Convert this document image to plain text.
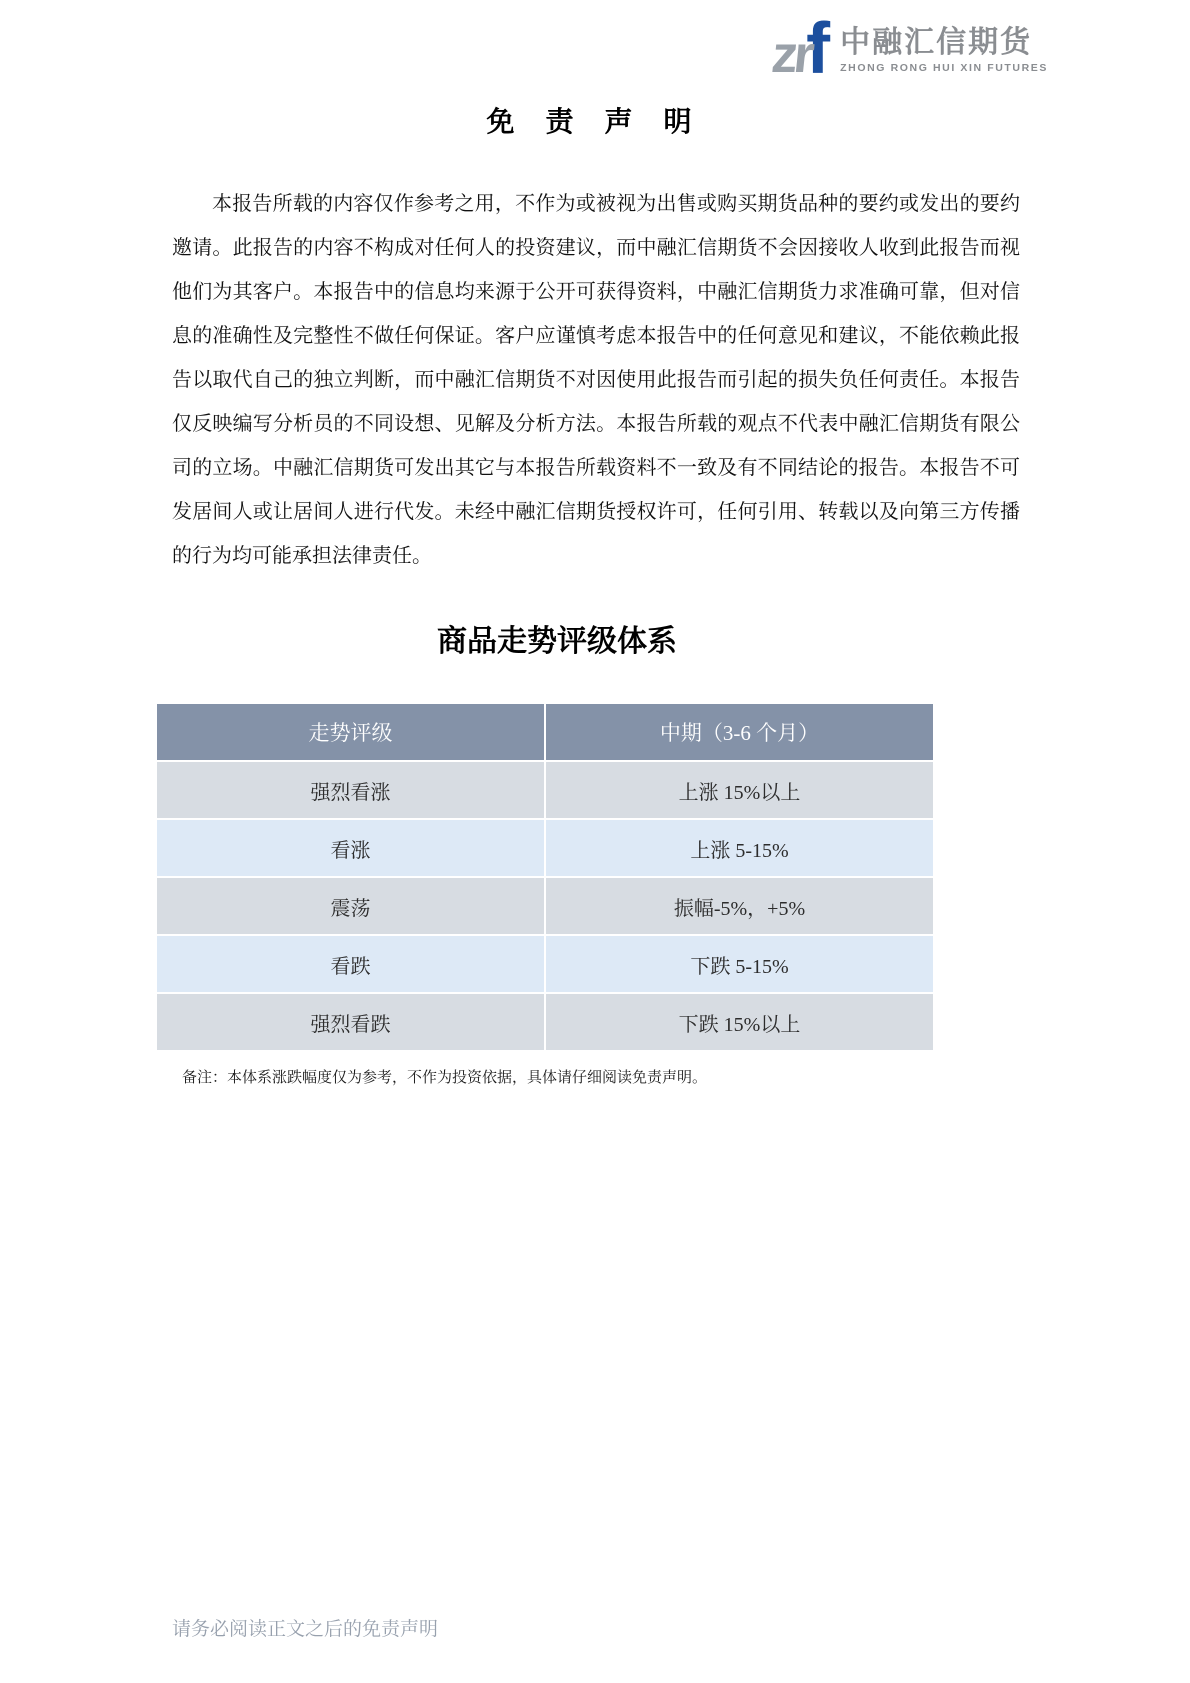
zr
f 中融汇信期货
ZHONG RONG HUI XIN FUTURES
免 责 声 明

本报告所载的内容仅作参考之用，不作为或被视为出售或购买期货品种的要约或发出的要约邀请。此报告的内容不构成对任何人的投资建议，而中融汇信期货不会因接收人收到此报告而视他们为其客户。本报告中的信息均来源于公开可获得资料，中融汇信期货力求准确可靠，但对信息的准确性及完整性不做任何保证。客户应谨慎考虑本报告中的任何意见和建议，不能依赖此报告以取代自己的独立判断，而中融汇信期货不对因使用此报告而引起的损失负任何责任。本报告仅反映编写分析员的不同设想、见解及分析方法。本报告所载的观点不代表中融汇信期货有限公司的立场。中融汇信期货可发出其它与本报告所载资料不一致及有不同结论的报告。本报告不可发居间人或让居间人进行代发。未经中融汇信期货授权许可，任何引用、转载以及向第三方传播的行为均可能承担法律责任。

商品走势评级体系
走势评级	中期（3-6 个月）
强烈看涨	上涨 15%以上
看涨	上涨 5-15%
震荡	振幅-5%，+5%
看跌	下跌 5-15%
强烈看跌	下跌 15%以上

备注：本体系涨跌幅度仅为参考，不作为投资依据，具体请仔细阅读免责声明。

请务必阅读正文之后的免责声明
